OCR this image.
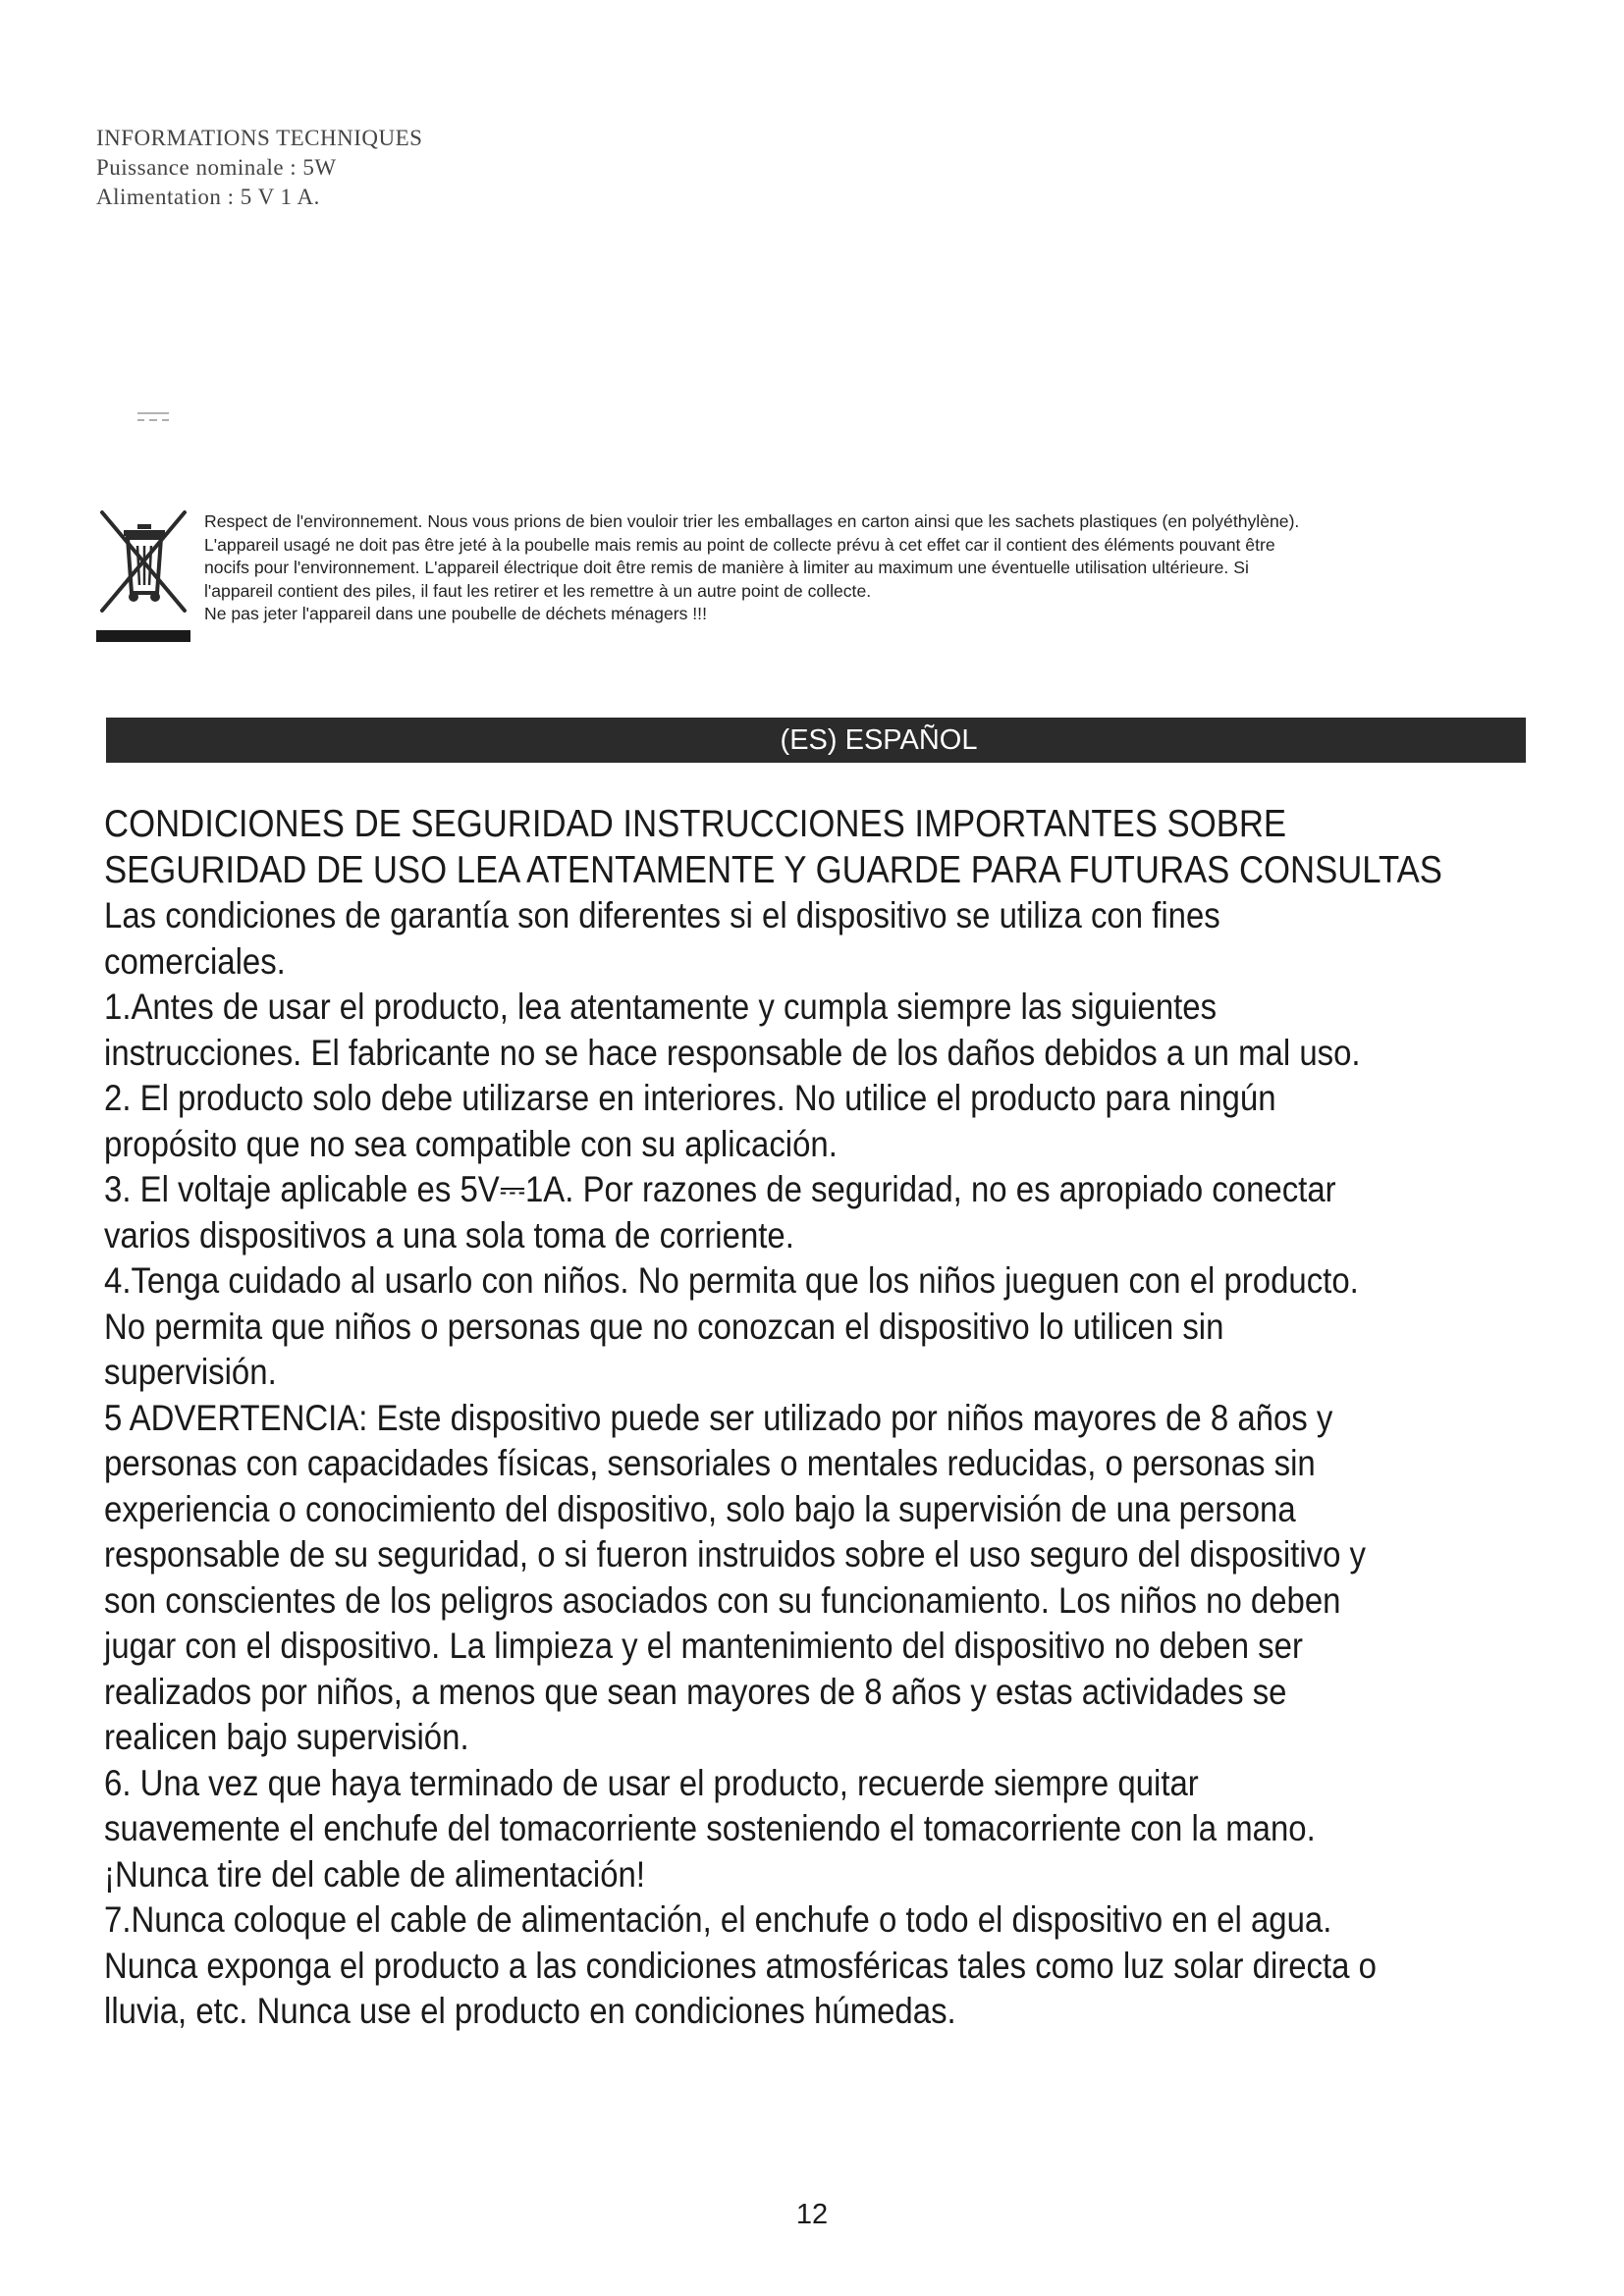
INFORMATIONS TECHNIQUES
Puissance nominale : 5W
Alimentation : 5 V 1 A.
Respect de l'environnement. Nous vous prions de bien vouloir trier les emballages en carton ainsi que les sachets plastiques (en polyéthylène).
L'appareil usagé ne doit pas être jeté à la poubelle mais remis au point de collecte prévu à cet effet car il contient des éléments pouvant être
nocifs pour l'environnement. L'appareil électrique doit être remis de manière à limiter au maximum une éventuelle utilisation ultérieure. Si
l'appareil contient des piles, il faut les retirer et les remettre à un autre point de collecte.
Ne pas jeter l'appareil dans une poubelle de déchets ménagers !!!
(ES) ESPAÑOL
CONDICIONES DE SEGURIDAD INSTRUCCIONES IMPORTANTES SOBRE
SEGURIDAD DE USO LEA ATENTAMENTE Y GUARDE PARA FUTURAS CONSULTAS
Las condiciones de garantía son diferentes si el dispositivo se utiliza con fines
comerciales.
1.Antes de usar el producto, lea atentamente y cumpla siempre las siguientes
instrucciones. El fabricante no se hace responsable de los daños debidos a un mal uso.
2. El producto solo debe utilizarse en interiores. No utilice el producto para ningún
propósito que no sea compatible con su aplicación.
3. El voltaje aplicable es 5V⎓1A. Por razones de seguridad, no es apropiado conectar
varios dispositivos a una sola toma de corriente.
4.Tenga cuidado al usarlo con niños. No permita que los niños jueguen con el producto.
No permita que niños o personas que no conozcan el dispositivo lo utilicen sin
supervisión.
5 ADVERTENCIA: Este dispositivo puede ser utilizado por niños mayores de 8 años y
personas con capacidades físicas, sensoriales o mentales reducidas, o personas sin
experiencia o conocimiento del dispositivo, solo bajo la supervisión de una persona
responsable de su seguridad, o si fueron instruidos sobre el uso seguro del dispositivo y
son conscientes de los peligros asociados con su funcionamiento. Los niños no deben
jugar con el dispositivo. La limpieza y el mantenimiento del dispositivo no deben ser
realizados por niños, a menos que sean mayores de 8 años y estas actividades se
realicen bajo supervisión.
6. Una vez que haya terminado de usar el producto, recuerde siempre quitar
suavemente el enchufe del tomacorriente sosteniendo el tomacorriente con la mano.
¡Nunca tire del cable de alimentación!
7.Nunca coloque el cable de alimentación, el enchufe o todo el dispositivo en el agua.
Nunca exponga el producto a las condiciones atmosféricas tales como luz solar directa o
lluvia, etc. Nunca use el producto en condiciones húmedas.
12
